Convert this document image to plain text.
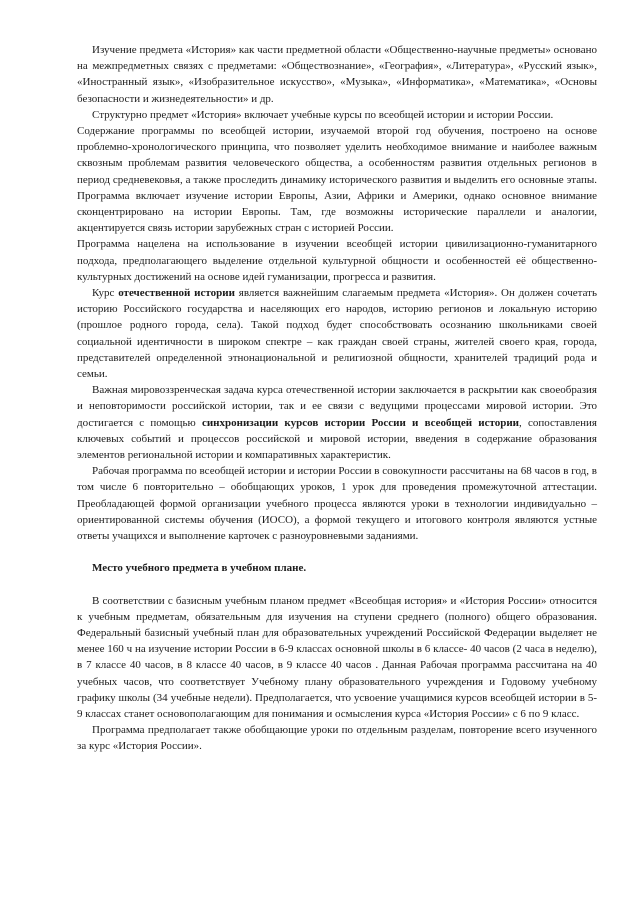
Изучение предмета «История» как части предметной области «Общественно-научные предметы» основано на межпредметных связях с предметами: «Обществознание», «География», «Литература», «Русский язык», «Иностранный язык», «Изобразительное искусство», «Музыка», «Информатика», «Математика», «Основы безопасности и жизнедеятельности» и др.

Структурно предмет «История» включает учебные курсы по всеобщей истории и истории России.

Содержание программы по всеобщей истории, изучаемой второй год обучения, построено на основе проблемно-хронологического принципа, что позволяет уделить необходимое внимание и наиболее важным сквозным проблемам развития человеческого общества, а особенностям развития отдельных регионов в период средневековья, а также проследить динамику исторического развития и выделить его основные этапы. Программа включает изучение истории Европы, Азии, Африки и Америки, однако основное внимание сконцентрировано на истории Европы. Там, где возможны исторические параллели и аналогии, акцентируется связь истории зарубежных стран с историей России.

Программа нацелена на использование в изучении всеобщей истории цивилизационно-гуманитарного подхода, предполагающего выделение отдельной культурной общности и особенностей её общественно-культурных достижений на основе идей гуманизации, прогресса и развития.

Курс отечественной истории является важнейшим слагаемым предмета «История». Он должен сочетать историю Российского государства и населяющих его народов, историю регионов и локальную историю (прошлое родного города, села). Такой подход будет способствовать осознанию школьниками своей социальной идентичности в широком спектре – как граждан своей страны, жителей своего края, города, представителей определенной этнонациональной и религиозной общности, хранителей традиций рода и семьи.

Важная мировоззренческая задача курса отечественной истории заключается в раскрытии как своеобразия и неповторимости российской истории, так и ее связи с ведущими процессами мировой истории. Это достигается с помощью синхронизации курсов истории России и всеобщей истории, сопоставления ключевых событий и процессов российской и мировой истории, введения в содержание образования элементов региональной истории и компаративных характеристик.

Рабочая программа по всеобщей истории и истории России в совокупности рассчитаны на 68 часов в год, в том числе 6 повторительно – обобщающих уроков, 1 урок для проведения промежуточной аттестации. Преобладающей формой организации учебного процесса являются уроки в технологии индивидуально – ориентированной системы обучения (ИОСО), а формой текущего и итогового контроля являются устные ответы учащихся и выполнение карточек с разноуровневыми заданиями.

Место учебного предмета в учебном плане.

В соответствии с базисным учебным планом предмет «Всеобщая история» и «История России» относится к учебным предметам, обязательным для изучения на ступени среднего (полного) общего образования. Федеральный базисный учебный план для образовательных учреждений Российской Федерации выделяет не менее 160 ч на изучение истории России в 6-9 классах основной школы в 6 классе- 40 часов (2 часа в неделю), в 7 классе 40 часов, в 8 классе 40 часов, в 9 классе 40 часов . Данная Рабочая программа рассчитана на 40 учебных часов, что соответствует Учебному плану образовательного учреждения и Годовому учебному графику школы (34 учебные недели). Предполагается, что усвоение учащимися курсов всеобщей истории в 5-9 классах станет основополагающим для понимания и осмысления курса «История России» с 6 по 9 класс.

Программа предполагает также обобщающие уроки по отдельным разделам, повторение всего изученного за курс «История России».
